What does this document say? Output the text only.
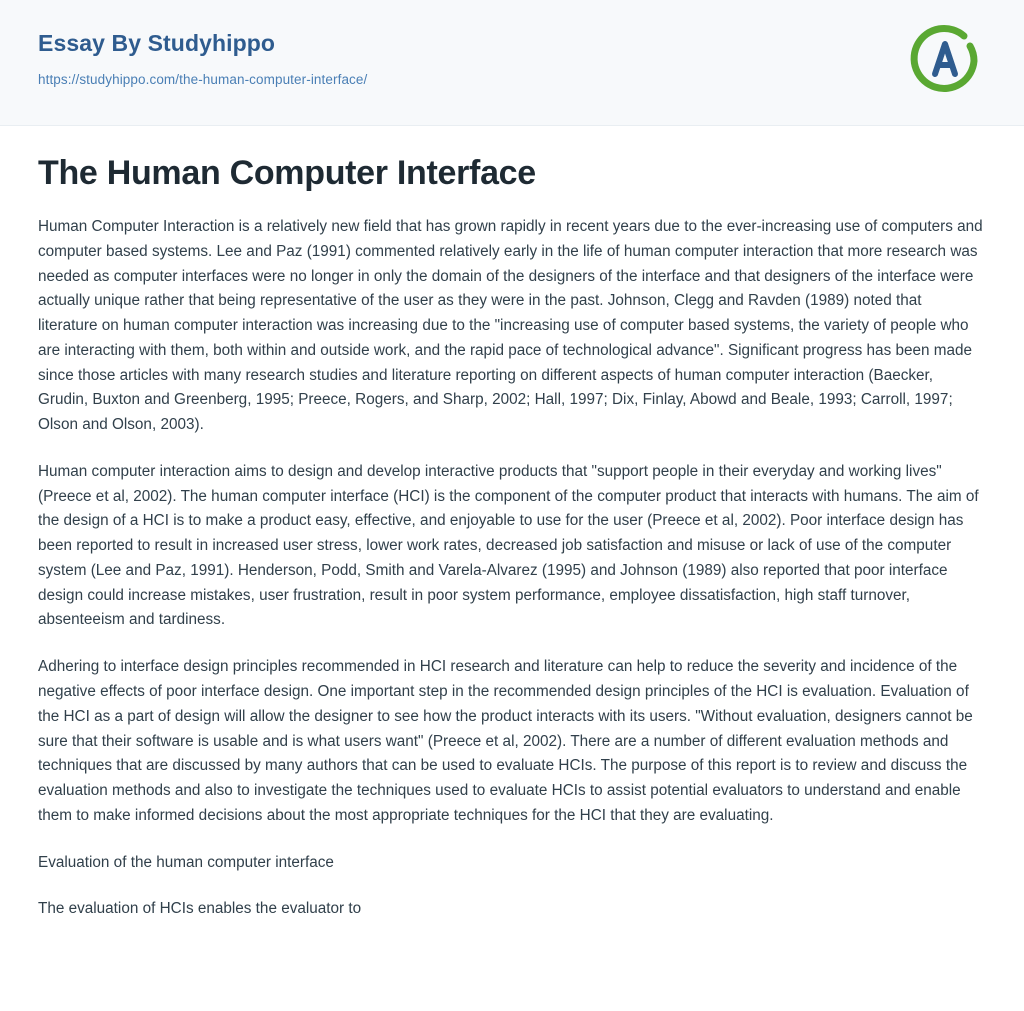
Essay By Studyhippo
https://studyhippo.com/the-human-computer-interface/
The Human Computer Interface

Human Computer Interaction is a relatively new field that has grown rapidly in recent years due to the ever-increasing use of computers and computer based systems. Lee and Paz (1991) commented relatively early in the life of human computer interaction that more research was needed as computer interfaces were no longer in only the domain of the designers of the interface and that designers of the interface were actually unique rather that being representative of the user as they were in the past. Johnson, Clegg and Ravden (1989) noted that literature on human computer interaction was increasing due to the "increasing use of computer based systems, the variety of people who are interacting with them, both within and outside work, and the rapid pace of technological advance". Significant progress has been made since those articles with many research studies and literature reporting on different aspects of human computer interaction (Baecker, Grudin, Buxton and Greenberg, 1995; Preece, Rogers, and Sharp, 2002; Hall, 1997; Dix, Finlay, Abowd and Beale, 1993; Carroll, 1997; Olson and Olson, 2003).

Human computer interaction aims to design and develop interactive products that "support people in their everyday and working lives" (Preece et al, 2002). The human computer interface (HCI) is the component of the computer product that interacts with humans. The aim of the design of a HCI is to make a product easy, effective, and enjoyable to use for the user (Preece et al, 2002). Poor interface design has been reported to result in increased user stress, lower work rates, decreased job satisfaction and misuse or lack of use of the computer system (Lee and Paz, 1991). Henderson, Podd, Smith and Varela-Alvarez (1995) and Johnson (1989) also reported that poor interface design could increase mistakes, user frustration, result in poor system performance, employee dissatisfaction, high staff turnover, absenteeism and tardiness.

Adhering to interface design principles recommended in HCI research and literature can help to reduce the severity and incidence of the negative effects of poor interface design. One important step in the recommended design principles of the HCI is evaluation. Evaluation of the HCI as a part of design will allow the designer to see how the product interacts with its users. "Without evaluation, designers cannot be sure that their software is usable and is what users want" (Preece et al, 2002). There are a number of different evaluation methods and techniques that are discussed by many authors that can be used to evaluate HCIs. The purpose of this report is to review and discuss the evaluation methods and also to investigate the techniques used to evaluate HCIs to assist potential evaluators to understand and enable them to make informed decisions about the most appropriate techniques for the HCI that they are evaluating.

Evaluation of the human computer interface

The evaluation of HCIs enables the evaluator to
